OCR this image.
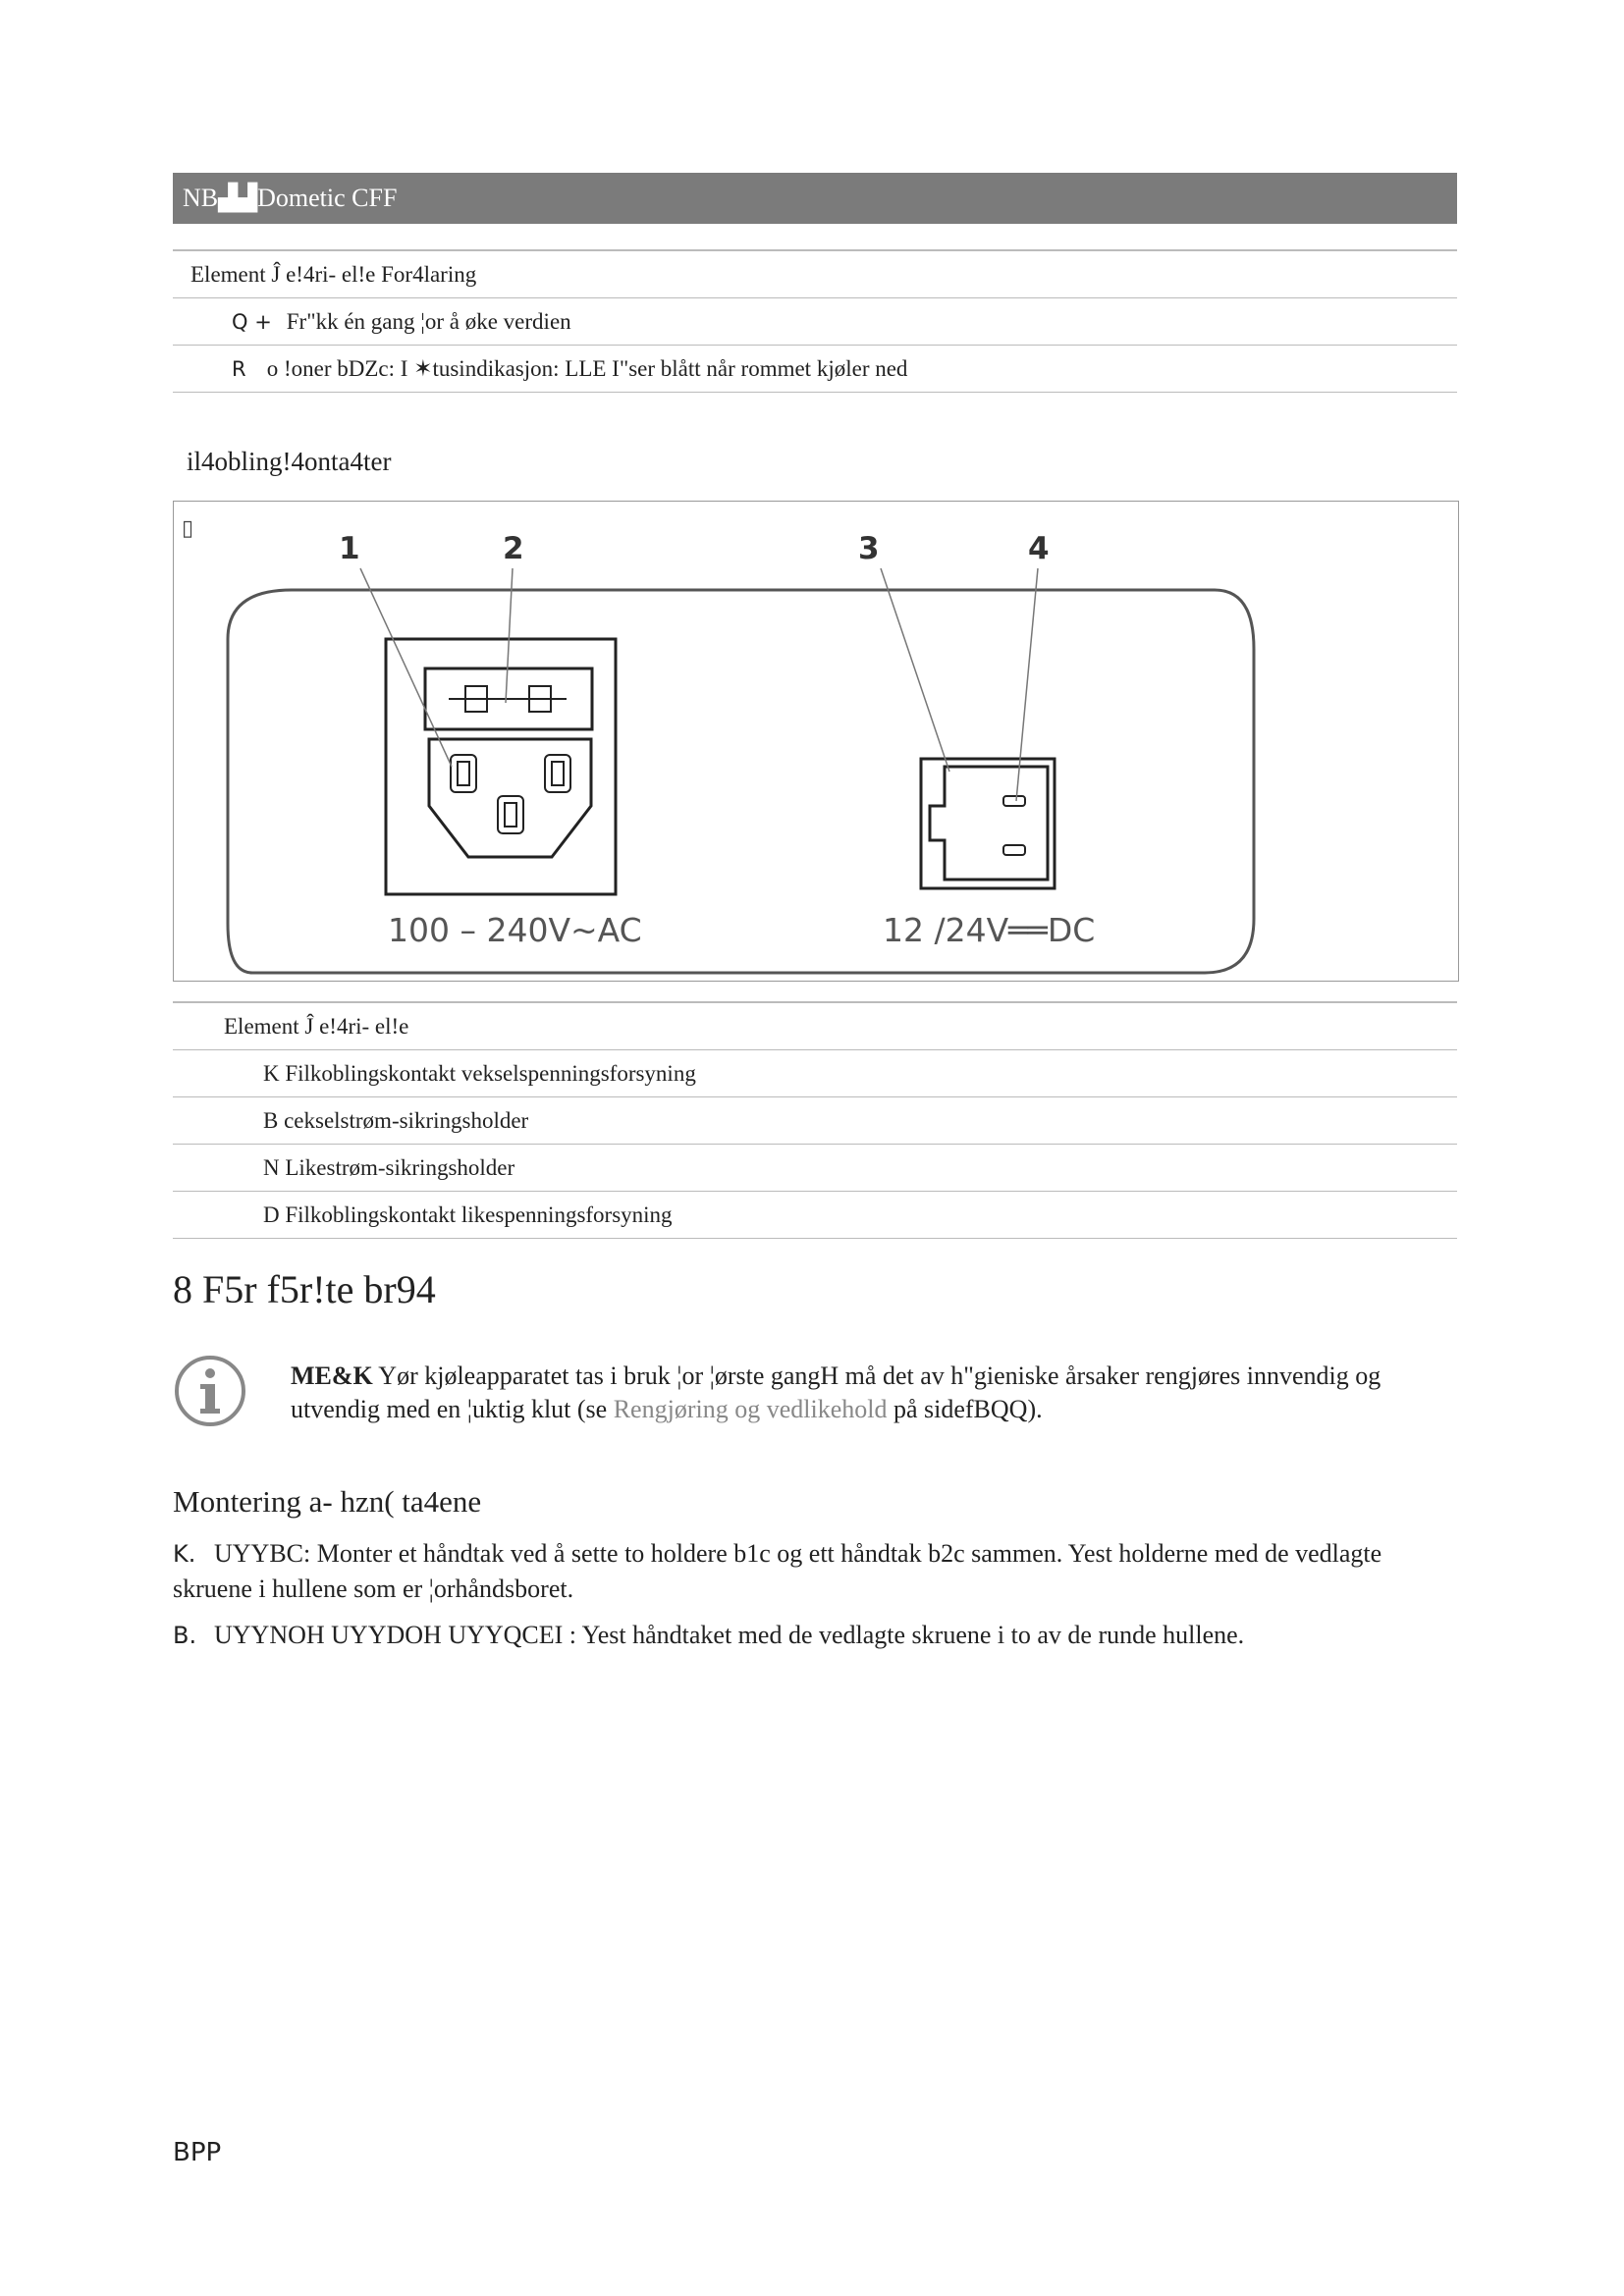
NB▟▟Dometic CFF
Element Ĵ e!4ri- el!e For4laring
Q + Fr"kk én gang ¦or å øke verdien
R o !oner bDZc: I ✶tusindikasjon: LLE I"ser blått når rommet kjøler ned
il4obling!4onta4ter
▯
1	2	3	4
100 – 240V~AC	12 /24V══DC
Element Ĵ e!4ri- el!e
K Filkoblingskontakt vekselspenningsforsyning
B cekselstrøm-sikringsholder
N Likestrøm-sikringsholder
D Filkoblingskontakt likespenningsforsyning
8 F5r f5r!te br94
ME&K Yør kjøleapparatet tas i bruk ¦or ¦ørste gangH må det av h"gieniske årsaker rengjøres innvendig og utvendig med en ¦uktig klut (se Rengjøring og vedlikehold på sidefBQQ).
Montering a- hzn( ta4ene
K. UYYBC: Monter et håndtak ved å sette to holdere b1c og ett håndtak b2c sammen. Yest holderne med de vedlagte skruene i hullene som er ¦orhåndsboret.
B. UYYNOH UYYDOH UYYQCEI : Yest håndtaket med de vedlagte skruene i to av de runde hullene.
BPP
